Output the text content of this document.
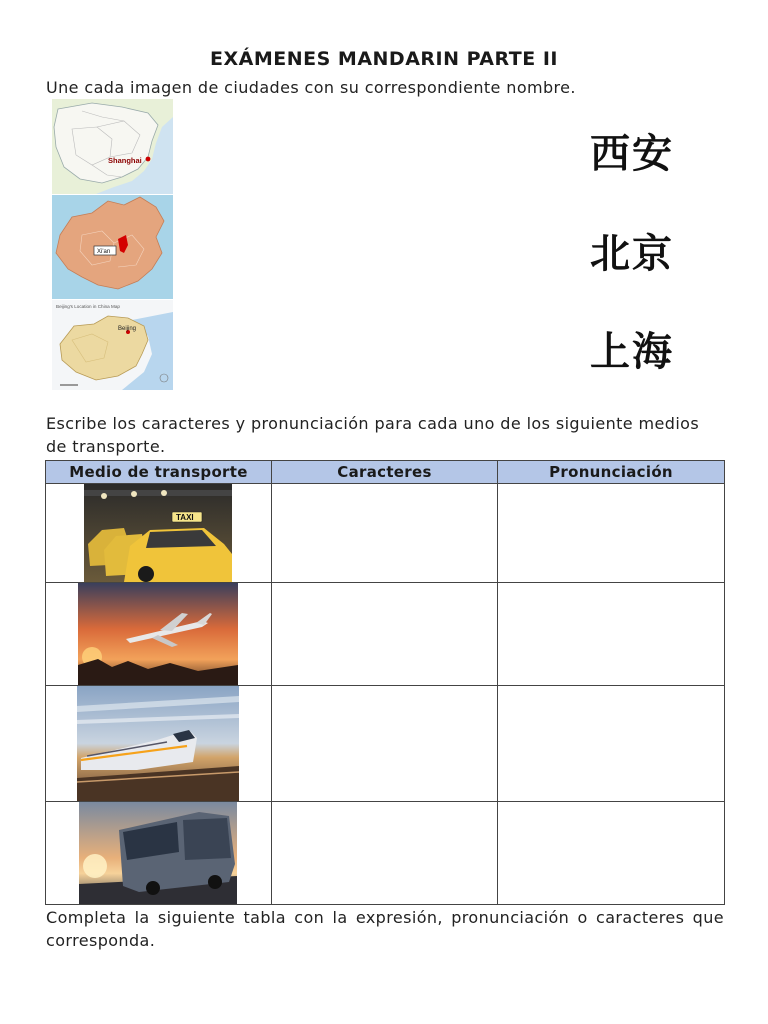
EXÁMENES MANDARIN PARTE II
Une cada imagen de ciudades con su correspondiente nombre.
Shanghai
Xi'an
Beijing's Location in China Map
Beijing
西安
北京
上海
Escribe los caracteres y pronunciación para cada uno de los siguiente medios de transporte.
Medio de transporte	Caracteres	Pronunciación

TAXI		

Completa la siguiente tabla con la expresión, pronunciación o caracteres que corresponda.
